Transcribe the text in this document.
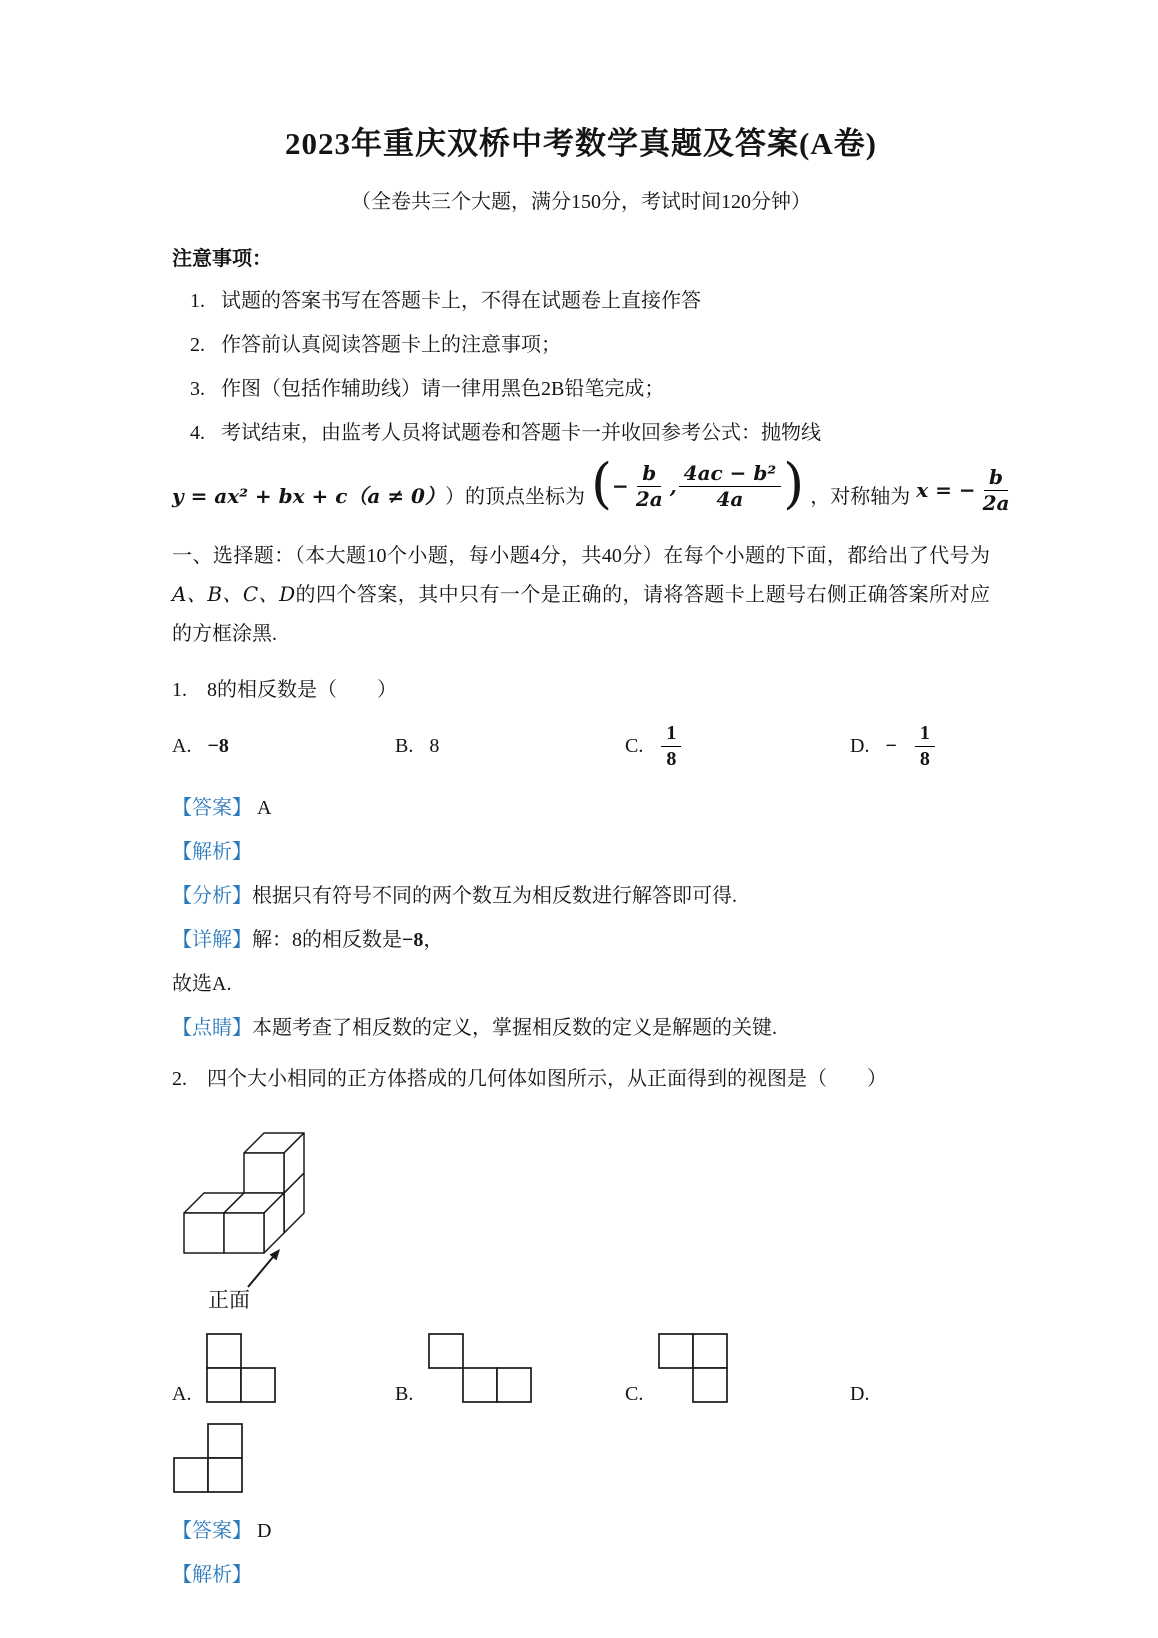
2023年重庆双桥中考数学真题及答案(A卷)
（全卷共三个大题，满分150分，考试时间120分钟）
注意事项：
1. 试题的答案书写在答题卡上，不得在试题卷上直接作答
2. 作答前认真阅读答题卡上的注意事项；
3. 作图（包括作辅助线）请一律用黑色2B铅笔完成；
4. 考试结束，由监考人员将试题卷和答题卡一并收回参考公式：抛物线
y = ax² + bx + c（a ≠ 0） ）的顶点坐标为 ( − $\frac{b}{2a}$ , $\frac{\text{4ac − b²}}{4a}$ ) ，对称轴为 x = − $\frac{b}{2a}$

一、选择题：（本大题10个小题，每小题4分，共40分）在每个小题的下面，都给出了代号为A、B、C、D的四个答案，其中只有一个是正确的，请将答题卡上题号右侧正确答案所对应的方框涂黑.

1.　8的相反数是（　　）

A. −8	B. 8	C. $\frac{1}{8}$	D. − $\frac{1}{8}$

【答案】 A

【解析】

【分析】根据只有符号不同的两个数互为相反数进行解答即可得.

【详解】解：8的相反数是−8，

故选A.

【点睛】本题考查了相反数的定义，掌握相反数的定义是解题的关键.

2.　四个大小相同的正方体搭成的几何体如图所示，从正面得到的视图是（　　）

正面
A.	B.	C.	D.

【答案】 D

【解析】
